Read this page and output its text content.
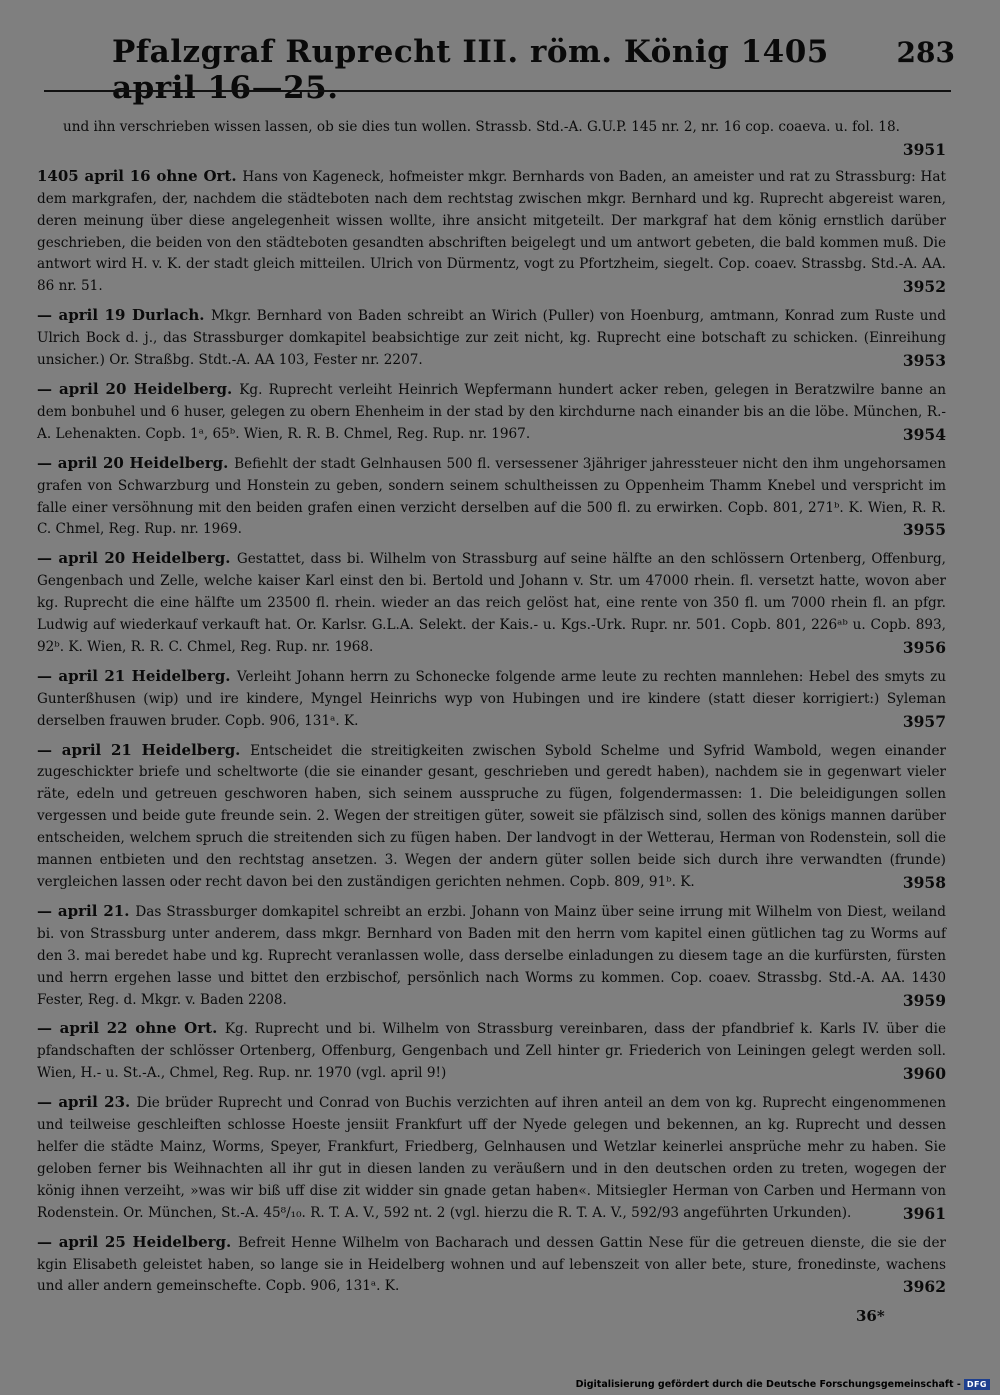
Pfalzgraf Ruprecht III. röm. König 1405 april 16—25.
283
und ihn verschrieben wissen lassen, ob sie dies tun wollen. Strassb. Std.-A. G.U.P. 145 nr. 2, nr. 16 cop. coaeva. u. fol. 18.
3951
1405 april 16 ohne Ort. Hans von Kageneck, hofmeister mkgr. Bernhards von Baden, an ameister und rat zu Strassburg: Hat dem markgrafen, der, nachdem die städteboten nach dem rechtstag zwischen mkgr. Bernhard und kg. Ruprecht abgereist waren, deren meinung über diese angelegenheit wissen wollte, ihre ansicht mitgeteilt. Der markgraf hat dem könig ernstlich darüber geschrieben, die beiden von den städteboten gesandten abschriften beigelegt und um antwort gebeten, die bald kommen muß. Die antwort wird H. v. K. der stadt gleich mitteilen. Ulrich von Dürmentz, vogt zu Pfortzheim, siegelt. Cop. coaev. Strassbg. Std.-A. AA. 86 nr. 51.	3952
— april 19 Durlach. Mkgr. Bernhard von Baden schreibt an Wirich (Puller) von Hoenburg, amtmann, Konrad zum Ruste und Ulrich Bock d. j., das Strassburger domkapitel beabsichtige zur zeit nicht, kg. Ruprecht eine botschaft zu schicken. (Einreihung unsicher.) Or. Straßbg. Stdt.-A. AA 103, Fester nr. 2207.	3953
— april 20 Heidelberg. Kg. Ruprecht verleiht Heinrich Wepfermann hundert acker reben, gelegen in Beratzwilre banne an dem bonbuhel und 6 huser, gelegen zu obern Ehenheim in der stad by den kirchdurne nach einander bis an die löbe. München, R.-A. Lehenakten. Copb. 1ᵃ, 65ᵇ. Wien, R. R. B. Chmel, Reg. Rup. nr. 1967.	3954
— april 20 Heidelberg. Befiehlt der stadt Gelnhausen 500 fl. versessener 3jähriger jahressteuer nicht den ihm ungehorsamen grafen von Schwarzburg und Honstein zu geben, sondern seinem schultheissen zu Oppenheim Thamm Knebel und verspricht im falle einer versöhnung mit den beiden grafen einen verzicht derselben auf die 500 fl. zu erwirken. Copb. 801, 271ᵇ. K. Wien, R. R. C. Chmel, Reg. Rup. nr. 1969.	3955
— april 20 Heidelberg. Gestattet, dass bi. Wilhelm von Strassburg auf seine hälfte an den schlössern Ortenberg, Offenburg, Gengenbach und Zelle, welche kaiser Karl einst den bi. Bertold und Johann v. Str. um 47000 rhein. fl. versetzt hatte, wovon aber kg. Ruprecht die eine hälfte um 23500 fl. rhein. wieder an das reich gelöst hat, eine rente von 350 fl. um 7000 rhein fl. an pfgr. Ludwig auf wiederkauf verkauft hat. Or. Karlsr. G.L.A. Selekt. der Kais.- u. Kgs.-Urk. Rupr. nr. 501. Copb. 801, 226ᵃᵇ u. Copb. 893, 92ᵇ. K. Wien, R. R. C. Chmel, Reg. Rup. nr. 1968.	3956
— april 21 Heidelberg. Verleiht Johann herrn zu Schonecke folgende arme leute zu rechten mannlehen: Hebel des smyts zu Gunterßhusen (wip) und ire kindere, Myngel Heinrichs wyp von Hubingen und ire kindere (statt dieser korrigiert:) Syleman derselben frauwen bruder. Copb. 906, 131ᵃ. K.	3957
— april 21 Heidelberg. Entscheidet die streitigkeiten zwischen Sybold Schelme und Syfrid Wambold, wegen einander zugeschickter briefe und scheltworte (die sie einander gesant, geschrieben und geredt haben), nachdem sie in gegenwart vieler räte, edeln und getreuen geschworen haben, sich seinem ausspruche zu fügen, folgendermassen: 1. Die beleidigungen sollen vergessen und beide gute freunde sein. 2. Wegen der streitigen güter, soweit sie pfälzisch sind, sollen des königs mannen darüber entscheiden, welchem spruch die streitenden sich zu fügen haben. Der landvogt in der Wetterau, Herman von Rodenstein, soll die mannen entbieten und den rechtstag ansetzen. 3. Wegen der andern güter sollen beide sich durch ihre verwandten (frunde) vergleichen lassen oder recht davon bei den zuständigen gerichten nehmen. Copb. 809, 91ᵇ. K.	3958
— april 21. Das Strassburger domkapitel schreibt an erzbi. Johann von Mainz über seine irrung mit Wilhelm von Diest, weiland bi. von Strassburg unter anderem, dass mkgr. Bernhard von Baden mit den herrn vom kapitel einen gütlichen tag zu Worms auf den 3. mai beredet habe und kg. Ruprecht veranlassen wolle, dass derselbe einladungen zu diesem tage an die kurfürsten, fürsten und herrn ergehen lasse und bittet den erzbischof, persönlich nach Worms zu kommen. Cop. coaev. Strassbg. Std.-A. AA. 1430 Fester, Reg. d. Mkgr. v. Baden 2208.	3959
— april 22 ohne Ort. Kg. Ruprecht und bi. Wilhelm von Strassburg vereinbaren, dass der pfandbrief k. Karls IV. über die pfandschaften der schlösser Ortenberg, Offenburg, Gengenbach und Zell hinter gr. Friederich von Leiningen gelegt werden soll. Wien, H.- u. St.-A., Chmel, Reg. Rup. nr. 1970 (vgl. april 9!)	3960
— april 23. Die brüder Ruprecht und Conrad von Buchis verzichten auf ihren anteil an dem von kg. Ruprecht eingenommenen und teilweise geschleiften schlosse Hoeste jensiit Frankfurt uff der Nyede gelegen und bekennen, an kg. Ruprecht und dessen helfer die städte Mainz, Worms, Speyer, Frankfurt, Friedberg, Gelnhausen und Wetzlar keinerlei ansprüche mehr zu haben. Sie geloben ferner bis Weihnachten all ihr gut in diesen landen zu veräußern und in den deutschen orden zu treten, wogegen der könig ihnen verzeiht, »was wir biß uff dise zit widder sin gnade getan haben«. Mitsiegler Herman von Carben und Hermann von Rodenstein. Or. München, St.-A. 45⁸/₁₀. R. T. A. V., 592 nt. 2 (vgl. hierzu die R. T. A. V., 592/93 angeführten Urkunden).	3961
— april 25 Heidelberg. Befreit Henne Wilhelm von Bacharach und dessen Gattin Nese für die getreuen dienste, die sie der kgin Elisabeth geleistet haben, so lange sie in Heidelberg wohnen und auf lebenszeit von aller bete, sture, fronedinste, wachens und aller andern gemeinschefte. Copb. 906, 131ᵃ. K.	3962
36*
Digitalisierung gefördert durch die Deutsche Forschungsgemeinschaft - DFG
